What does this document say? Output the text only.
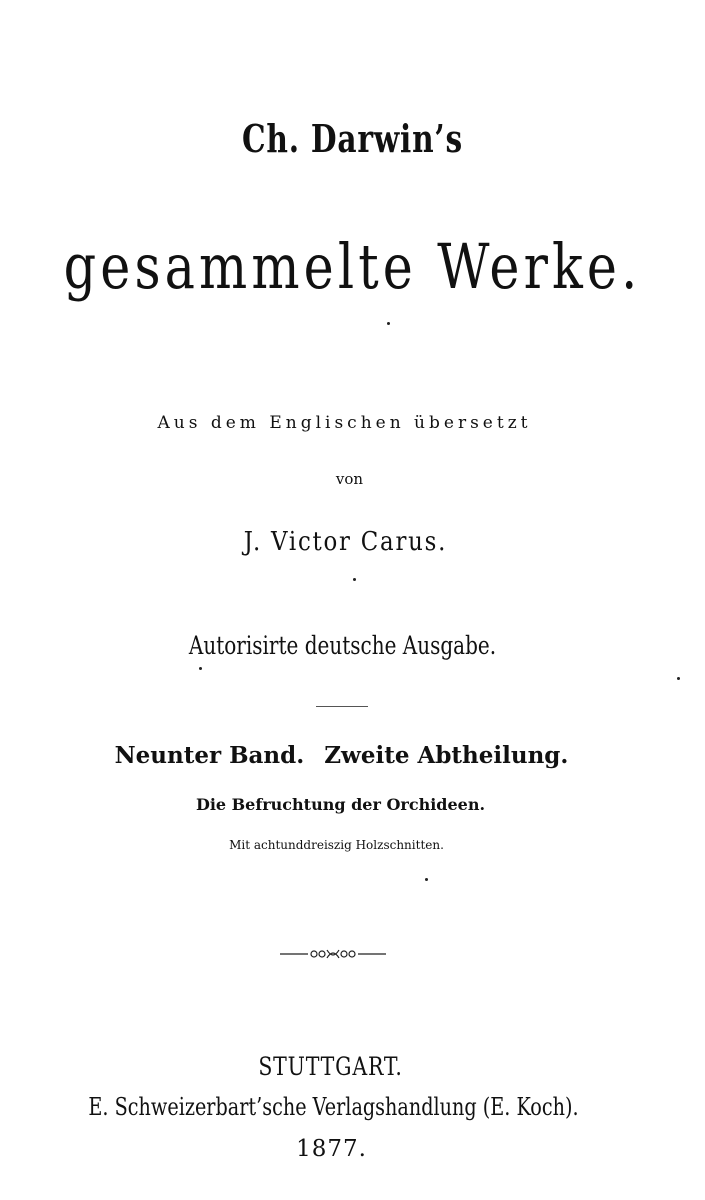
Ch. Darwin’s
gesammelte Werke.
Aus dem Englischen übersetzt
von
J. Victor Carus.
Autorisirte deutsche Ausgabe.
Neunter Band. Zweite Abtheilung.
Die Befruchtung der Orchideen.
Mit achtunddreiszig Holzschnitten.
STUTTGART.
E. Schweizerbart’sche Verlagshandlung (E. Koch).
1877.
